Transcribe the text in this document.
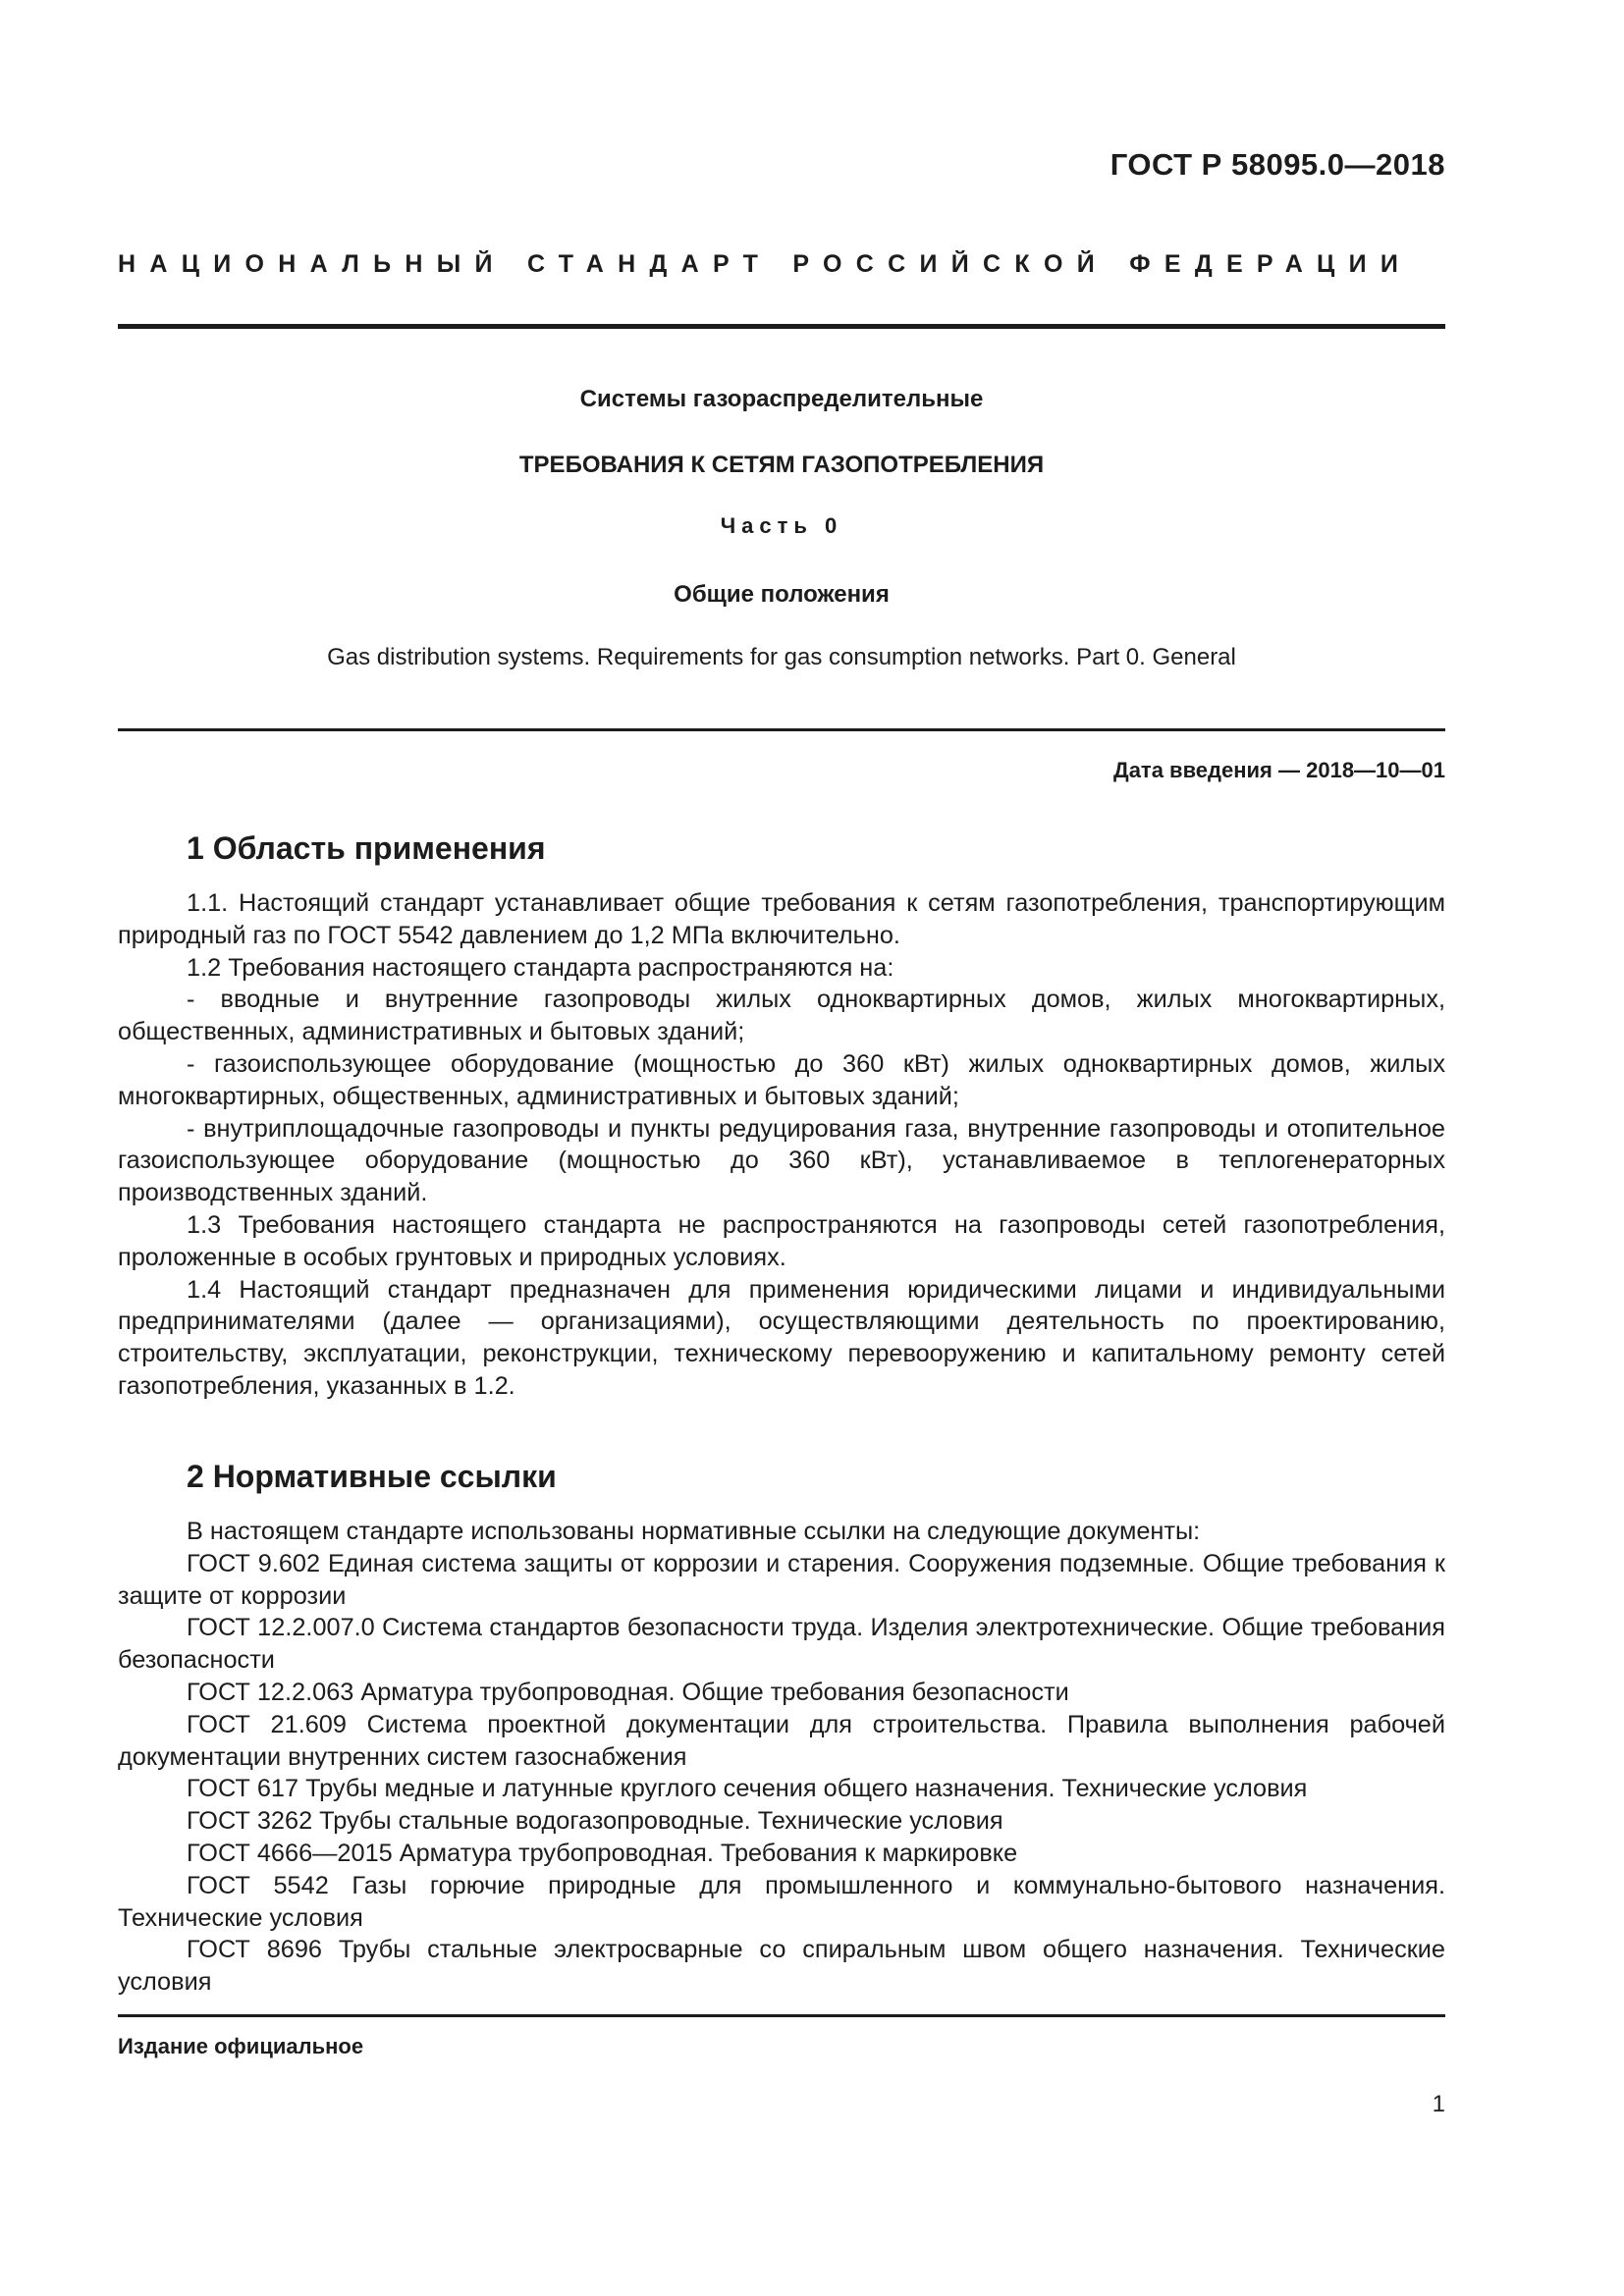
ГОСТ Р 58095.0—2018
НАЦИОНАЛЬНЫЙ СТАНДАРТ РОССИЙСКОЙ ФЕДЕРАЦИИ
Системы газораспределительные
ТРЕБОВАНИЯ К СЕТЯМ ГАЗОПОТРЕБЛЕНИЯ
Часть 0
Общие положения
Gas distribution systems. Requirements for gas consumption networks. Part 0. General
Дата введения — 2018—10—01
1 Область применения

1.1. Настоящий стандарт устанавливает общие требования к сетям газопотребления, транспортирующим природный газ по ГОСТ 5542 давлением до 1,2 МПа включительно.

1.2 Требования настоящего стандарта распространяются на:

- вводные и внутренние газопроводы жилых одноквартирных домов, жилых многоквартирных, общественных, административных и бытовых зданий;

- газоиспользующее оборудование (мощностью до 360 кВт) жилых одноквартирных домов, жилых многоквартирных, общественных, административных и бытовых зданий;

- внутриплощадочные газопроводы и пункты редуцирования газа, внутренние газопроводы и отопительное газоиспользующее оборудование (мощностью до 360 кВт), устанавливаемое в теплогенераторных производственных зданий.

1.3 Требования настоящего стандарта не распространяются на газопроводы сетей газопотребления, проложенные в особых грунтовых и природных условиях.

1.4 Настоящий стандарт предназначен для применения юридическими лицами и индивидуальными предпринимателями (далее — организациями), осуществляющими деятельность по проектированию, строительству, эксплуатации, реконструкции, техническому перевооружению и капитальному ремонту сетей газопотребления, указанных в 1.2.

2 Нормативные ссылки

В настоящем стандарте использованы нормативные ссылки на следующие документы:

ГОСТ 9.602 Единая система защиты от коррозии и старения. Сооружения подземные. Общие требования к защите от коррозии

ГОСТ 12.2.007.0 Система стандартов безопасности труда. Изделия электротехнические. Общие требования безопасности

ГОСТ 12.2.063 Арматура трубопроводная. Общие требования безопасности

ГОСТ 21.609 Система проектной документации для строительства. Правила выполнения рабочей документации внутренних систем газоснабжения

ГОСТ 617 Трубы медные и латунные круглого сечения общего назначения. Технические условия

ГОСТ 3262 Трубы стальные водогазопроводные. Технические условия

ГОСТ 4666—2015 Арматура трубопроводная. Требования к маркировке

ГОСТ 5542 Газы горючие природные для промышленного и коммунально-бытового назначения. Технические условия

ГОСТ 8696 Трубы стальные электросварные со спиральным швом общего назначения. Технические условия

Издание официальное
1
